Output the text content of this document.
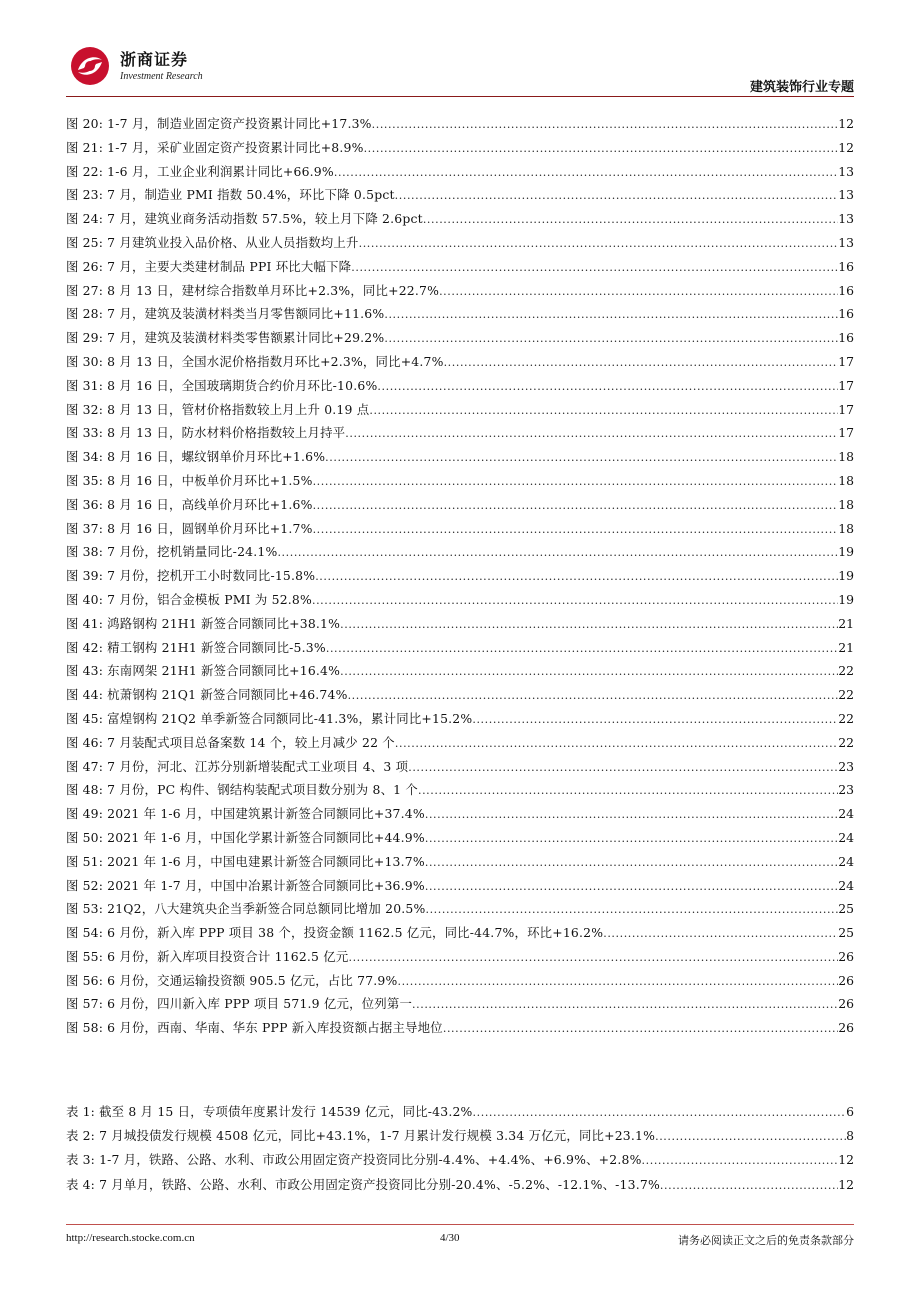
浙商证券
Investment Research
建筑装饰行业专题
图 20: 1-7 月，制造业固定资产投资累计同比+17.3% .....	12
图 21: 1-7 月，采矿业固定资产投资累计同比+8.9% .....	12
图 22: 1-6 月，工业企业利润累计同比+66.9% .....	13
图 23: 7 月，制造业 PMI 指数 50.4%，环比下降 0.5pct .....	13
图 24: 7 月，建筑业商务活动指数 57.5%，较上月下降 2.6pct .....	13
图 25: 7 月建筑业投入品价格、从业人员指数均上升 .....	13
图 26: 7 月，主要大类建材制品 PPI 环比大幅下降 .....	16
图 27: 8 月 13 日，建材综合指数单月环比+2.3%，同比+22.7% .....	16
图 28: 7 月，建筑及装潢材料类当月零售额同比+11.6% .....	16
图 29: 7 月，建筑及装潢材料类零售额累计同比+29.2% .....	16
图 30: 8 月 13 日，全国水泥价格指数月环比+2.3%，同比+4.7% .....	17
图 31: 8 月 16 日，全国玻璃期货合约价月环比-10.6% .....	17
图 32: 8 月 13 日，管材价格指数较上月上升 0.19 点 .....	17
图 33: 8 月 13 日，防水材料价格指数较上月持平 .....	17
图 34: 8 月 16 日，螺纹钢单价月环比+1.6% .....	18
图 35: 8 月 16 日，中板单价月环比+1.5% .....	18
图 36: 8 月 16 日，高线单价月环比+1.6% .....	18
图 37: 8 月 16 日，圆钢单价月环比+1.7% .....	18
图 38: 7 月份，挖机销量同比-24.1% .....	19
图 39: 7 月份，挖机开工小时数同比-15.8% .....	19
图 40: 7 月份，铝合金模板 PMI 为 52.8% .....	19
图 41: 鸿路钢构 21H1 新签合同额同比+38.1% .....	21
图 42: 精工钢构 21H1 新签合同额同比-5.3% .....	21
图 43: 东南网架 21H1 新签合同额同比+16.4% .....	22
图 44: 杭萧钢构 21Q1 新签合同额同比+46.74% .....	22
图 45: 富煌钢构 21Q2 单季新签合同额同比-41.3%，累计同比+15.2% .....	22
图 46: 7 月装配式项目总备案数 14 个，较上月减少 22 个 .....	22
图 47: 7 月份，河北、江苏分别新增装配式工业项目 4、3 项 .....	23
图 48: 7 月份，PC 构件、钢结构装配式项目数分别为 8、1 个 .....	23
图 49: 2021 年 1-6 月，中国建筑累计新签合同额同比+37.4% .....	24
图 50: 2021 年 1-6 月，中国化学累计新签合同额同比+44.9% .....	24
图 51: 2021 年 1-6 月，中国电建累计新签合同额同比+13.7% .....	24
图 52: 2021 年 1-7 月，中国中冶累计新签合同额同比+36.9% .....	24
图 53: 21Q2，八大建筑央企当季新签合同总额同比增加 20.5% .....	25
图 54: 6 月份，新入库 PPP 项目 38 个，投资金额 1162.5 亿元，同比-44.7%，环比+16.2% .....	25
图 55: 6 月份，新入库项目投资合计 1162.5 亿元 .....	26
图 56: 6 月份，交通运输投资额 905.5 亿元，占比 77.9% .....	26
图 57: 6 月份，四川新入库 PPP 项目 571.9 亿元，位列第一 .....	26
图 58: 6 月份，西南、华南、华东 PPP 新入库投资额占据主导地位 .....	26
表 1: 截至 8 月 15 日，专项债年度累计发行 14539 亿元，同比-43.2% .....	6
表 2: 7 月城投债发行规模 4508 亿元，同比+43.1%，1-7 月累计发行规模 3.34 万亿元，同比+23.1% .....	8
表 3: 1-7 月，铁路、公路、水利、市政公用固定资产投资同比分别-4.4%、+4.4%、+6.9%、+2.8% .....	12
表 4: 7 月单月，铁路、公路、水利、市政公用固定资产投资同比分别-20.4%、-5.2%、-12.1%、-13.7% .....	12
http://research.stocke.com.cn	4/30	请务必阅读正文之后的免责条款部分
